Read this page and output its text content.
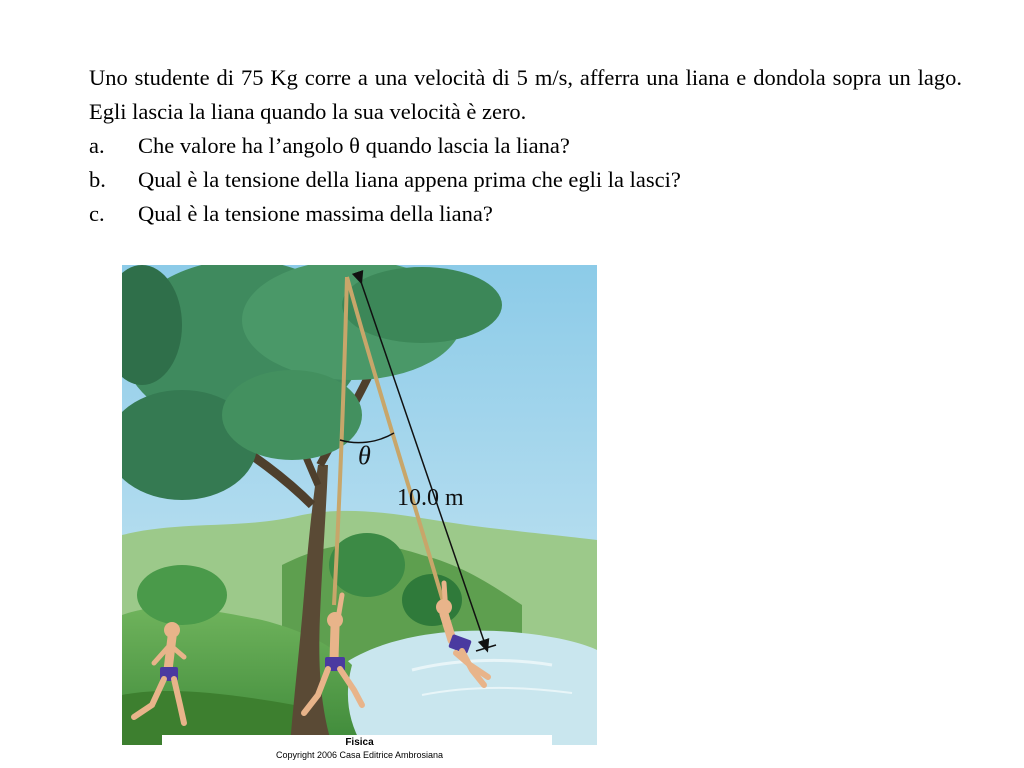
Uno studente di 75 Kg corre a una velocità di 5 m/s, afferra una liana e dondola sopra un lago. Egli lascia la liana quando la sua velocità è zero.

a.	Che valore ha l’angolo θ quando lascia la liana?
b.	Qual è la tensione della liana appena prima che egli la lasci?
c.	Qual è la tensione massima della liana?
θ
10.0 m
Fisica
Copyright 2006 Casa Editrice Ambrosiana
